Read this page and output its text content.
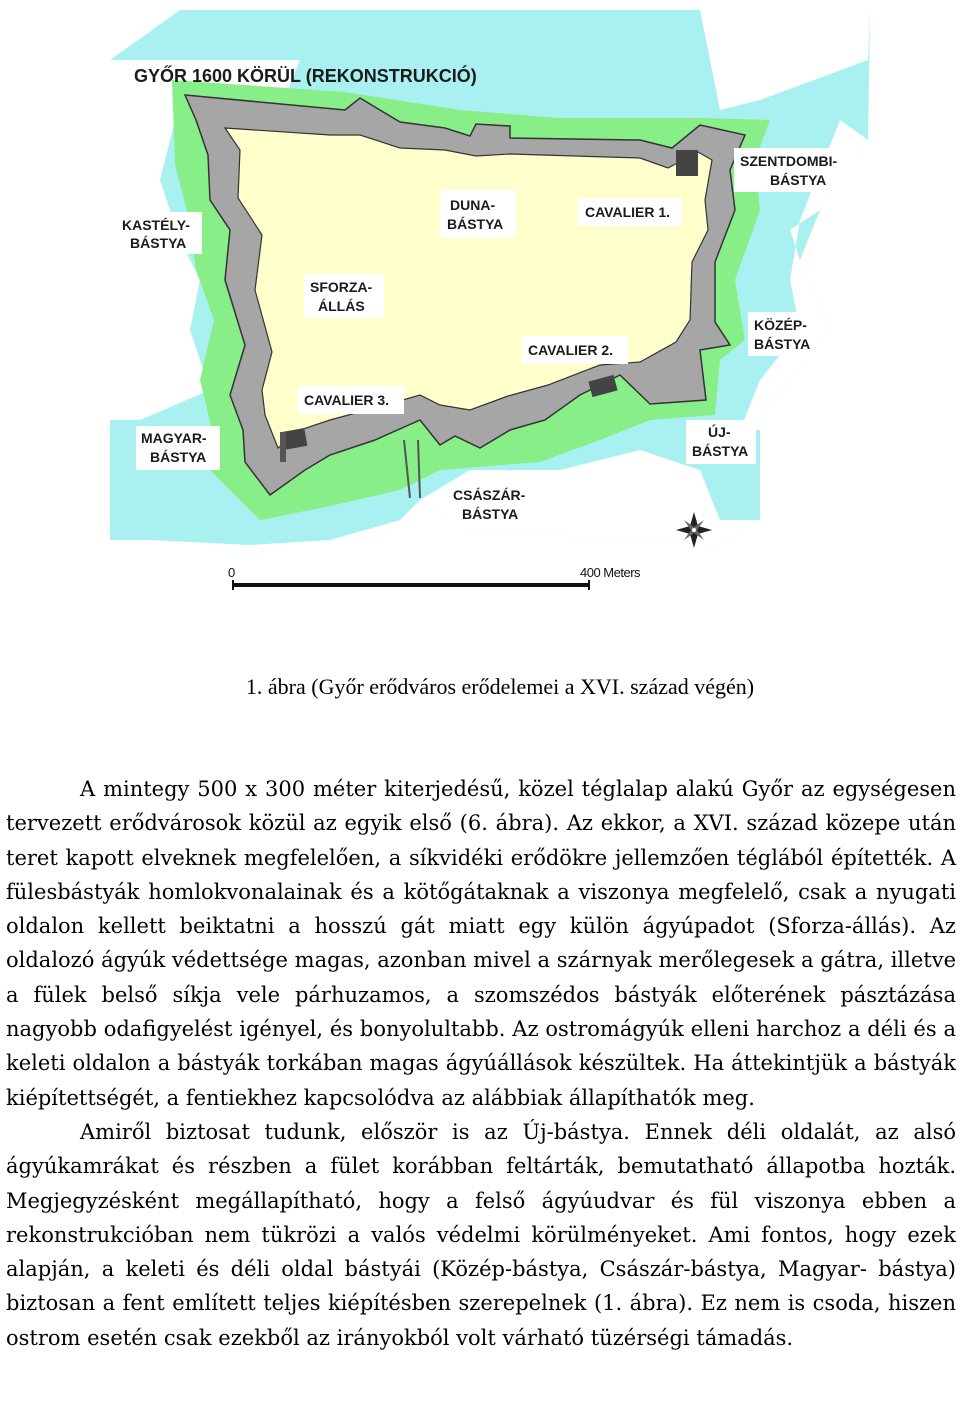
GYŐR 1600 KÖRÜL (REKONSTRUKCIÓ)
KASTÉLY-
BÁSTYA
DUNA-
BÁSTYA
CAVALIER 1.
SZENTDOMBI-
BÁSTYA
SFORZA-
ÁLLÁS
KÖZÉP-
BÁSTYA
CAVALIER 2.
CAVALIER 3.
MAGYAR-
BÁSTYA
ÚJ-
BÁSTYA
CSÁSZÁR-
BÁSTYA
0	400 Meters
1. ábra (Győr erődváros erődelemei a XVI. század végén)

A mintegy 500 x 300 méter kiterjedésű, közel téglalap alakú Győr az egységesen tervezett erődvárosok közül az egyik első (6. ábra). Az ekkor, a XVI. század közepe után teret kapott elveknek megfelelően, a síkvidéki erődökre jellemzően téglából építették. A fülesbástyák homlokvonalainak és a kötőgátaknak a viszonya megfelelő, csak a nyugati oldalon kellett beiktatni a hosszú gát miatt egy külön ágyúpadot (Sforza-állás). Az oldalozó ágyúk védettsége magas, azonban mivel a szárnyak merőlegesek a gátra, illetve a fülek belső síkja vele párhuzamos, a szomszédos bástyák előterének pásztázása nagyobb odafigyelést igényel, és bonyolultabb. Az ostromágyúk elleni harchoz a déli és a keleti oldalon a bástyák torkában magas ágyúállások készültek. Ha áttekintjük a bástyák kiépítettségét, a fentiekhez kapcsolódva az alábbiak állapíthatók meg.

Amiről biztosat tudunk, először is az Új-bástya. Ennek déli oldalát, az alsó ágyúkamrákat és részben a fület korábban feltárták, bemutatható állapotba hozták. Megjegyzésként megállapítható, hogy a felső ágyúudvar és fül viszonya ebben a rekonstrukcióban nem tükrözi a valós védelmi körülményeket. Ami fontos, hogy ezek alapján, a keleti és déli oldal bástyái (Közép-bástya, Császár-bástya, Magyar- bástya) biztosan a fent említett teljes kiépítésben szerepelnek (1. ábra). Ez nem is csoda, hiszen ostrom esetén csak ezekből az irányokból volt várható tüzérségi támadás.
